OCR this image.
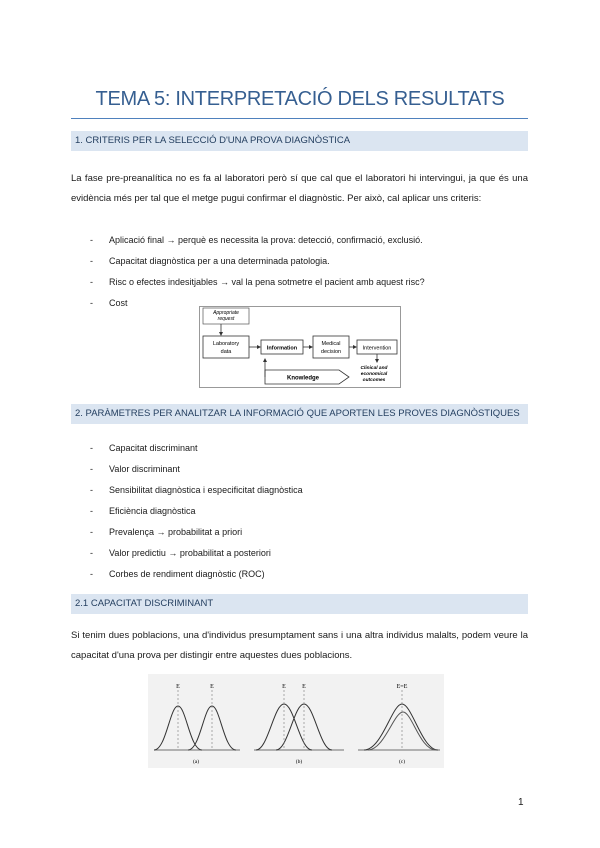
TEMA 5: INTERPRETACIÓ DELS RESULTATS
1. CRITERIS PER LA SELECCIÓ D'UNA PROVA DIAGNÒSTICA

La fase pre-preanalítica no es fa al laboratori però sí que cal que el laboratori hi intervingui, ja que és una evidència més per tal que el metge pugui confirmar el diagnòstic. Per això, cal aplicar uns criteris:

- Aplicació final → perquè es necessita la prova: detecció, confirmació, exclusió.
- Capacitat diagnòstica per a una determinada patologia.
- Risc o efectes indesitjables → val la pena sotmetre el pacient amb aquest risc?
- Cost
Appropriate
request
Laboratory
data
Information
Medical
decision
Intervention
Knowledge
Clinical and
economical
outcomes
2. PARÀMETRES PER ANALITZAR LA INFORMACIÓ QUE APORTEN LES PROVES DIAGNÒSTIQUES
- Capacitat discriminant
- Valor discriminant
- Sensibilitat diagnòstica i especificitat diagnòstica
- Eficiència diagnòstica
- Prevalença → probabilitat a priori
- Valor predictiu → probabilitat a posteriori
- Corbes de rendiment diagnòstic (ROC)
2.1 CAPACITAT DISCRIMINANT

Si tenim dues poblacions, una d'individus presumptament sans i una altra individus malalts, podem veure la capacitat d'una prova per distingir entre aquestes dues poblacions.

E	E
(a)
E	E
(b)
E=E
(c)
1
